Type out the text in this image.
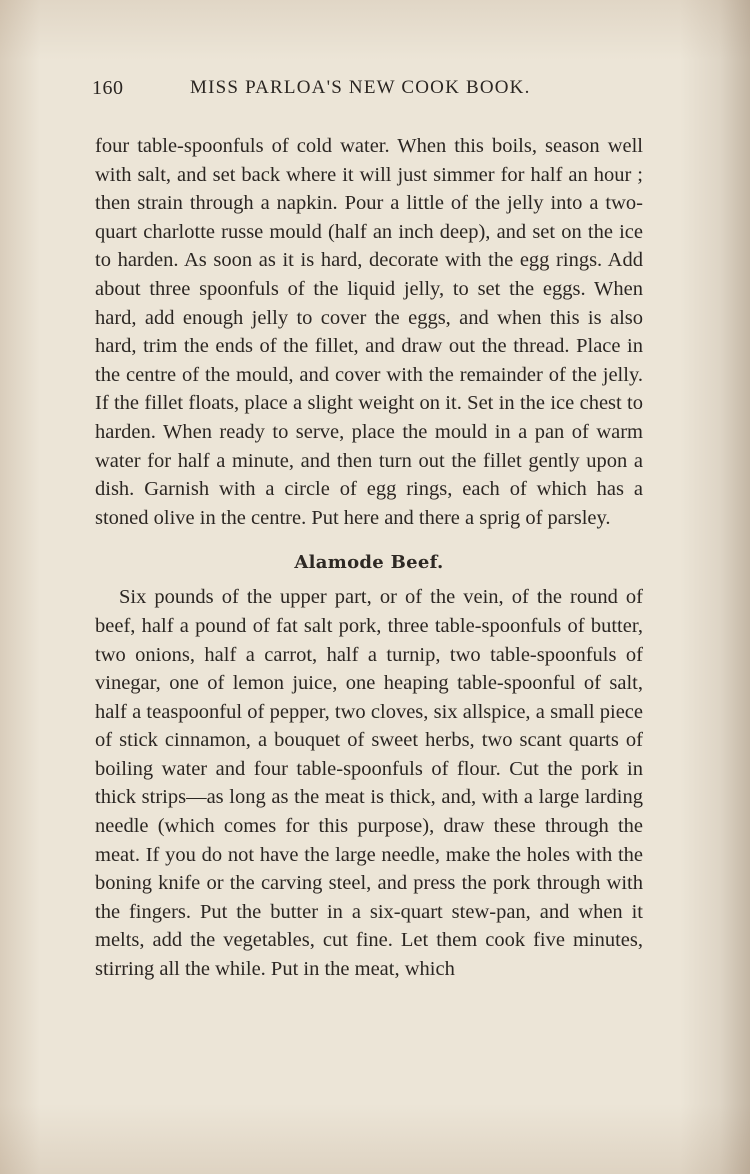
160	MISS PARLOA'S NEW COOK BOOK.

four table-spoonfuls of cold water. When this boils, season well with salt, and set back where it will just simmer for half an hour ; then strain through a napkin. Pour a little of the jelly into a two-quart charlotte russe mould (half an inch deep), and set on the ice to harden. As soon as it is hard, decorate with the egg rings. Add about three spoonfuls of the liquid jelly, to set the eggs. When hard, add enough jelly to cover the eggs, and when this is also hard, trim the ends of the fillet, and draw out the thread. Place in the centre of the mould, and cover with the remainder of the jelly. If the fillet floats, place a slight weight on it. Set in the ice chest to harden. When ready to serve, place the mould in a pan of warm water for half a minute, and then turn out the fillet gently upon a dish. Garnish with a circle of egg rings, each of which has a stoned olive in the centre. Put here and there a sprig of parsley.

Alamode Beef.

Six pounds of the upper part, or of the vein, of the round of beef, half a pound of fat salt pork, three table-spoonfuls of butter, two onions, half a carrot, half a turnip, two table-spoonfuls of vinegar, one of lemon juice, one heaping table-spoonful of salt, half a teaspoonful of pepper, two cloves, six allspice, a small piece of stick cinnamon, a bouquet of sweet herbs, two scant quarts of boiling water and four table-spoonfuls of flour. Cut the pork in thick strips—as long as the meat is thick, and, with a large larding needle (which comes for this purpose), draw these through the meat. If you do not have the large needle, make the holes with the boning knife or the carving steel, and press the pork through with the fingers. Put the butter in a six-quart stew-pan, and when it melts, add the vegetables, cut fine. Let them cook five minutes, stirring all the while. Put in the meat, which
